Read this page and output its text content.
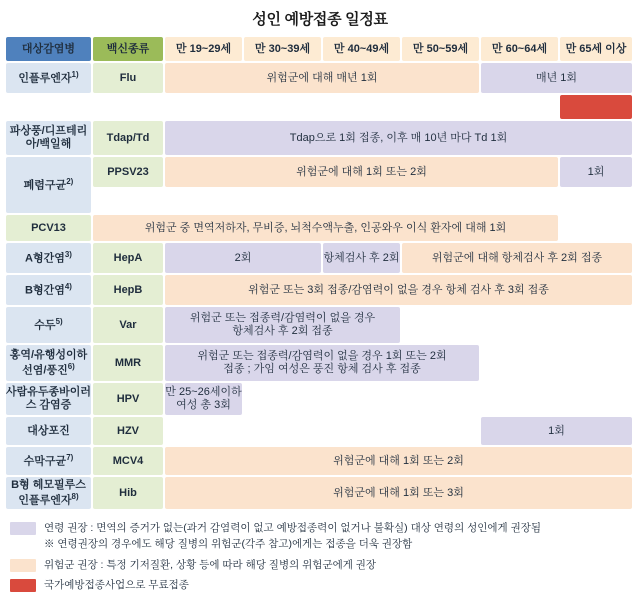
성인 예방접종 일정표
대상감염병	백신종류	만 19~29세	만 30~39세	만 40~49세	만 50~59세	만 60~64세	만 65세 이상	
인플루엔자$^{1)}$	Flu	위험군에 대해 매년 1회				매년 1회		

파상풍/디프테리아/백일해	Tdap/Td	Tdap으로 1회 접종, 이후 매 10년 마다 Td 1회						

폐렴구균$^{2)}$	PPSV23	위험군에 대해 1회 또는 2회					1회	

PCV13	위험군 중 면역저하자, 무비증, 뇌척수액누출, 인공와우 이식 환자에 대해 1회							

A형간염$^{3)}$	HepA	2회		항체검사 후 2회	위험군에 대해 항체검사 후 2회 접종			

B형간염$^{4)}$	HepB	위험군 또는 3회 접종/감염력이 없을 경우 항체 검사 후 3회 접종						

수두$^{5)}$	Var	위험군 또는 접종력/감염력이 없을 경우
항체검사 후 2회 접종						

홍역/유행성이하선염/풍진$^{6)}$	MMR	위험군 또는 접종력/감염력이 없을 경우 1회 또는 2회
접종 ; 가임 여성은 풍진 항체 검사 후 접종						

사람유두종바이러스 감염증	HPV	만 25~26세이하
여성 총 3회						

대상포진	HZV					1회		

수막구균$^{7)}$	MCV4	위험군에 대해 1회 또는 2회						

B형 헤모필루스 인플루엔자$^{8)}$	Hib	위험군에 대해 1회 또는 3회						
연령 권장 : 면역의 증거가 없는(과거 감염력이 없고 예방접종력이 없거나 불확실) 대상 연령의 성인에게 권장됨
※ 연령권장의 경우에도 해당 질병의 위험군(각주 참고)에게는 접종을 더욱 권장함
위험군 권장 : 특정 기저질환, 상황 등에 따라 해당 질병의 위험군에게 권장
국가예방접종사업으로 무료접종
